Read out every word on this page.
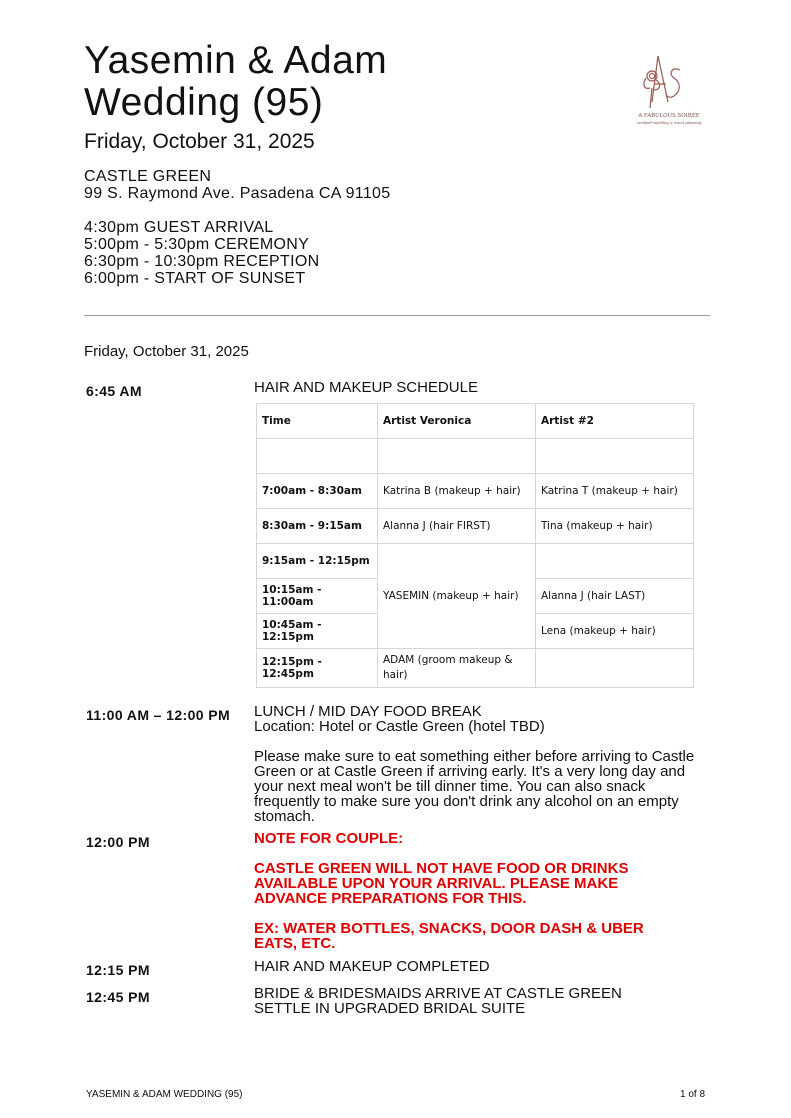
Yasemin & Adam
Wedding (95)
Friday, October 31, 2025
CASTLE GREEN
99 S. Raymond Ave. Pasadena CA 91105
4:30pm GUEST ARRIVAL
5:00pm - 5:30pm CEREMONY
6:30pm - 10:30pm RECEPTION
6:00pm - START OF SUNSET
A FABULOUS SOIRÉE
certified wedding & event planning
Friday, October 31, 2025
6:45 AM	HAIR AND MAKEUP SCHEDULE

Time	Artist Veronica	Artist #2

7:00am - 8:30am	Katrina B (makeup + hair)	Katrina T (makeup + hair)
8:30am - 9:15am	Alanna J (hair FIRST)	Tina (makeup + hair)
9:15am - 12:15pm	YASEMIN (makeup + hair)	
10:15am - 11:00am		Alanna J (hair LAST)
10:45am - 12:15pm		Lena (makeup + hair)
12:15pm - 12:45pm	ADAM (groom makeup & hair)	
11:00 AM – 12:00 PM LUNCH / MID DAY FOOD BREAK

Location: Hotel or Castle Green (hotel TBD)

Please make sure to eat something either before arriving to Castle Green or at Castle Green if arriving early. It's a very long day and your next meal won't be till dinner time. You can also snack frequently to make sure you don't drink any alcohol on an empty stomach.

12:00 PM	NOTE FOR COUPLE:

CASTLE GREEN WILL NOT HAVE FOOD OR DRINKS AVAILABLE UPON YOUR ARRIVAL. PLEASE MAKE ADVANCE PREPARATIONS FOR THIS.

EX: WATER BOTTLES, SNACKS, DOOR DASH & UBER EATS, ETC.

12:15 PM	HAIR AND MAKEUP COMPLETED

12:45 PM	BRIDE & BRIDESMAIDS ARRIVE AT CASTLE GREEN

SETTLE IN UPGRADED BRIDAL SUITE

YASEMIN & ADAM WEDDING (95)	1 of 8
